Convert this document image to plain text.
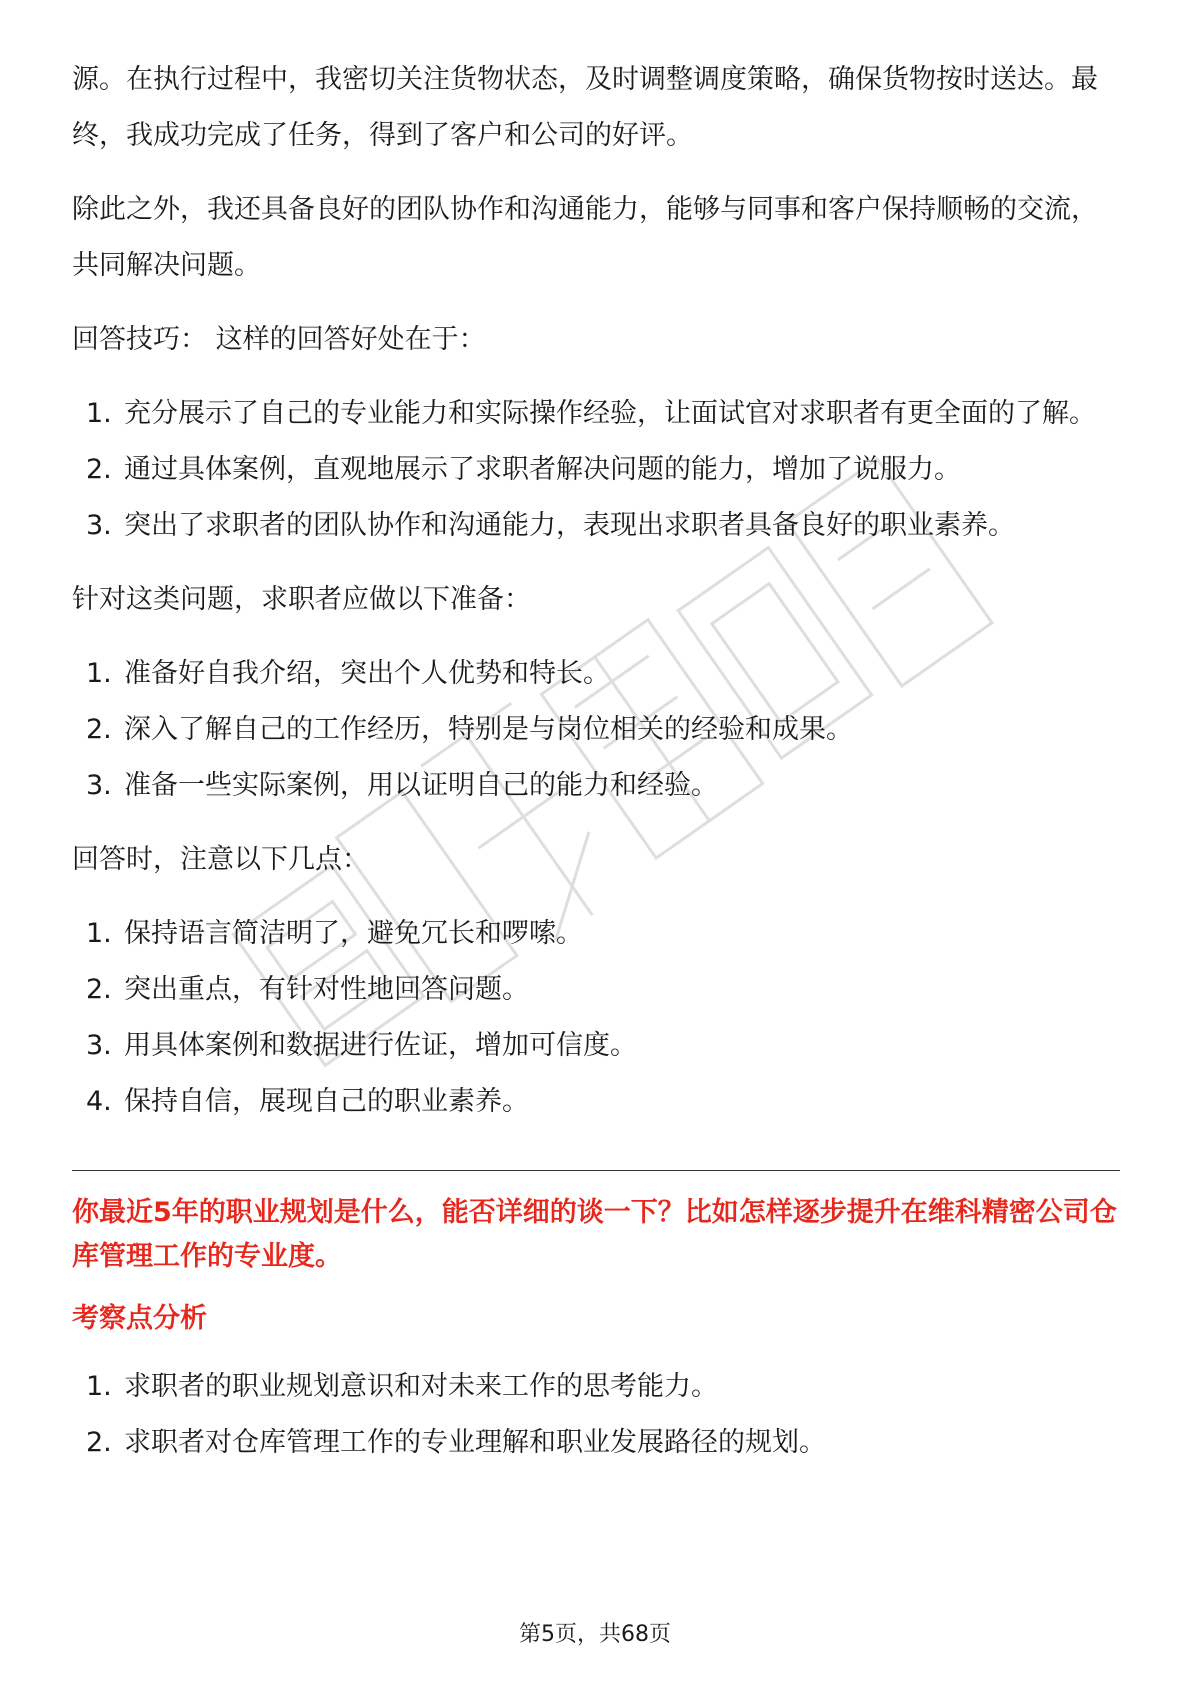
源。在执行过程中，我密切关注货物状态，及时调整调度策略，确保货物按时送达。最终，我成功完成了任务，得到了客户和公司的好评。

除此之外，我还具备良好的团队协作和沟通能力，能够与同事和客户保持顺畅的交流，共同解决问题。

回答技巧： 这样的回答好处在于：

1. 充分展示了自己的专业能力和实际操作经验，让面试官对求职者有更全面的了解。
2. 通过具体案例，直观地展示了求职者解决问题的能力，增加了说服力。
3. 突出了求职者的团队协作和沟通能力，表现出求职者具备良好的职业素养。

针对这类问题，求职者应做以下准备：

1. 准备好自我介绍，突出个人优势和特长。
2. 深入了解自己的工作经历，特别是与岗位相关的经验和成果。
3. 准备一些实际案例，用以证明自己的能力和经验。

回答时，注意以下几点：

1. 保持语言简洁明了，避免冗长和啰嗦。
2. 突出重点，有针对性地回答问题。
3. 用具体案例和数据进行佐证，增加可信度。
4. 保持自信，展现自己的职业素养。

你最近5年的职业规划是什么，能否详细的谈一下？比如怎样逐步提升在维科精密公司仓库管理工作的专业度。

考察点分析

1. 求职者的职业规划意识和对未来工作的思考能力。
2. 求职者对仓库管理工作的专业理解和职业发展路径的规划。
第5页，共68页
